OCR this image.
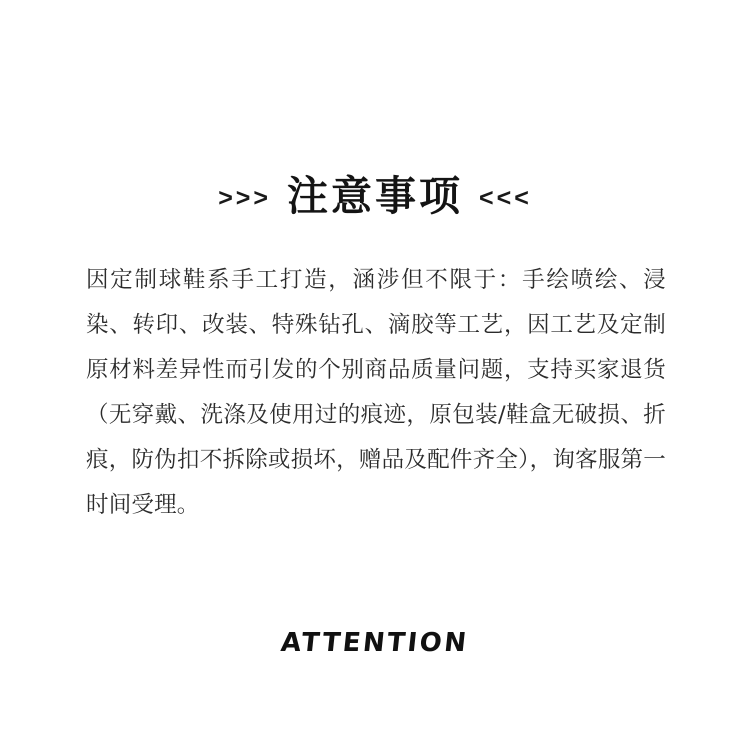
>>> 注意事项 <<<
因定制球鞋系手工打造，涵涉但不限于：手绘喷绘、浸染、转印、改装、特殊钻孔、滴胶等工艺，因工艺及定制原材料差异性而引发的个别商品质量问题，支持买家退货（无穿戴、洗涤及使用过的痕迹，原包装/鞋盒无破损、折痕，防伪扣不拆除或损坏，赠品及配件齐全），询客服第一时间受理。
ATTENTION
